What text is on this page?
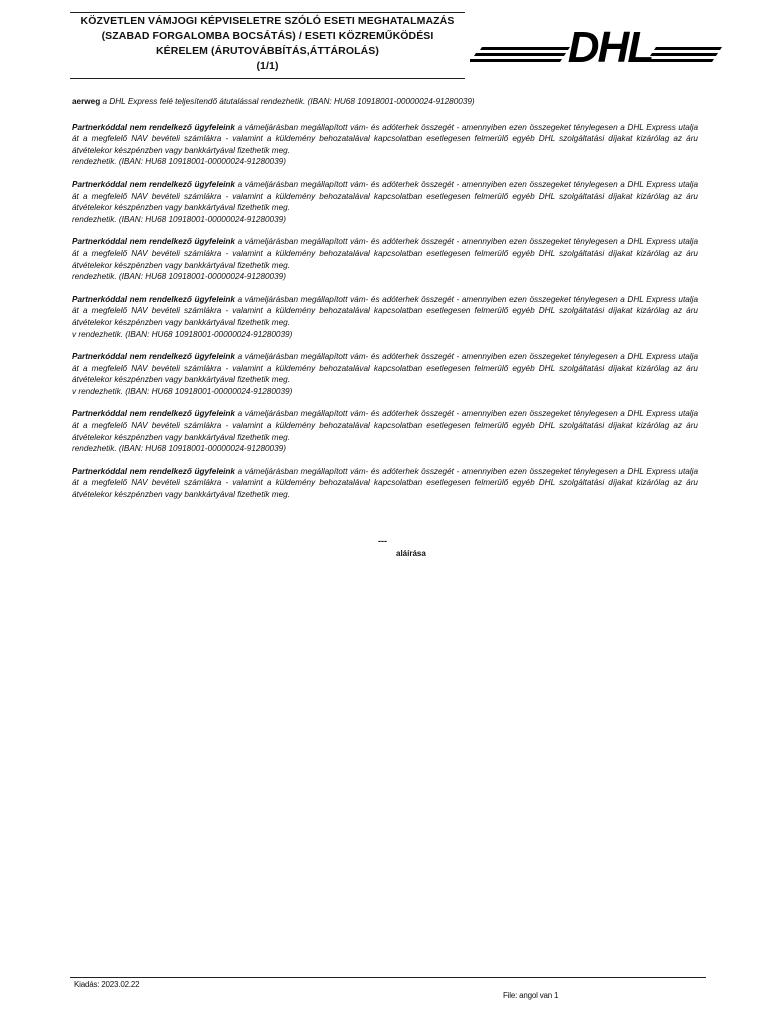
KÖZVETLEN VÁMJOGI KÉPVISELETRE SZÓLÓ ESETI MEGHATALMAZÁS

(SZABAD FORGALOMBA BOCSÁTÁS) / ESETI KÖZREMŰKÖDÉSI

KÉRELEM (ÁRUTOVÁBBÍTÁS,ÁTTÁROLÁS)

(1/1)	DHL

aerweg a DHL Express felé teljesítendő átutalással rendezhetik. (IBAN: HU68 10918001-00000024-91280039)

Partnerkóddal nem rendelkező ügyfeleink a vámeljárásban megállapított vám- és adóterhek összegét - amennyiben ezen összegeket ténylegesen a DHL Express utalja át a megfelelő NAV bevételi számlákra - valamint a küldemény behozatalával kapcsolatban esetlegesen felmerülő egyéb DHL szolgáltatási díjakat kizárólag az áru átvételekor készpénzben vagy bankkártyával fizethetik meg.
rendezhetik. (IBAN: HU68 10918001-00000024-91280039)

Partnerkóddal nem rendelkező ügyfeleink a vámeljárásban megállapított vám- és adóterhek összegét - amennyiben ezen összegeket ténylegesen a DHL Express utalja át a megfelelő NAV bevételi számlákra - valamint a küldemény behozatalával kapcsolatban esetlegesen felmerülő egyéb DHL szolgáltatási díjakat kizárólag az áru átvételekor készpénzben vagy bankkártyával fizethetik meg.
rendezhetik. (IBAN: HU68 10918001-00000024-91280039)

Partnerkóddal nem rendelkező ügyfeleink a vámeljárásban megállapított vám- és adóterhek összegét - amennyiben ezen összegeket ténylegesen a DHL Express utalja át a megfelelő NAV bevételi számlákra - valamint a küldemény behozatalával kapcsolatban esetlegesen felmerülő egyéb DHL szolgáltatási díjakat kizárólag az áru átvételekor készpénzben vagy bankkártyával fizethetik meg.
rendezhetik. (IBAN: HU68 10918001-00000024-91280039)

Partnerkóddal nem rendelkező ügyfeleink a vámeljárásban megállapított vám- és adóterhek összegét - amennyiben ezen összegeket ténylegesen a DHL Express utalja át a megfelelő NAV bevételi számlákra - valamint a küldemény behozatalával kapcsolatban esetlegesen felmerülő egyéb DHL szolgáltatási díjakat kizárólag az áru átvételekor készpénzben vagy bankkártyával fizethetik meg.
v rendezhetik. (IBAN: HU68 10918001-00000024-91280039)

Partnerkóddal nem rendelkező ügyfeleink a vámeljárásban megállapított vám- és adóterhek összegét - amennyiben ezen összegeket ténylegesen a DHL Express utalja át a megfelelő NAV bevételi számlákra - valamint a küldemény behozatalával kapcsolatban esetlegesen felmerülő egyéb DHL szolgáltatási díjakat kizárólag az áru átvételekor készpénzben vagy bankkártyával fizethetik meg.
v rendezhetik. (IBAN: HU68 10918001-00000024-91280039)

Partnerkóddal nem rendelkező ügyfeleink a vámeljárásban megállapított vám- és adóterhek összegét - amennyiben ezen összegeket ténylegesen a DHL Express utalja át a megfelelő NAV bevételi számlákra - valamint a küldemény behozatalával kapcsolatban esetlegesen felmerülő egyéb DHL szolgáltatási díjakat kizárólag az áru átvételekor készpénzben vagy bankkártyával fizethetik meg.
rendezhetik. (IBAN: HU68 10918001-00000024-91280039)

Partnerkóddal nem rendelkező ügyfeleink a vámeljárásban megállapított vám- és adóterhek összegét - amennyiben ezen összegeket ténylegesen a DHL Express utalja át a megfelelő NAV bevételi számlákra - valamint a küldemény behozatalával kapcsolatban esetlegesen felmerülő egyéb DHL szolgáltatási díjakat kizárólag az áru átvételekor készpénzben vagy bankkártyával fizethetik meg.

---
aláírása
Kiadás: 2023.02.22
File: angol van 1
